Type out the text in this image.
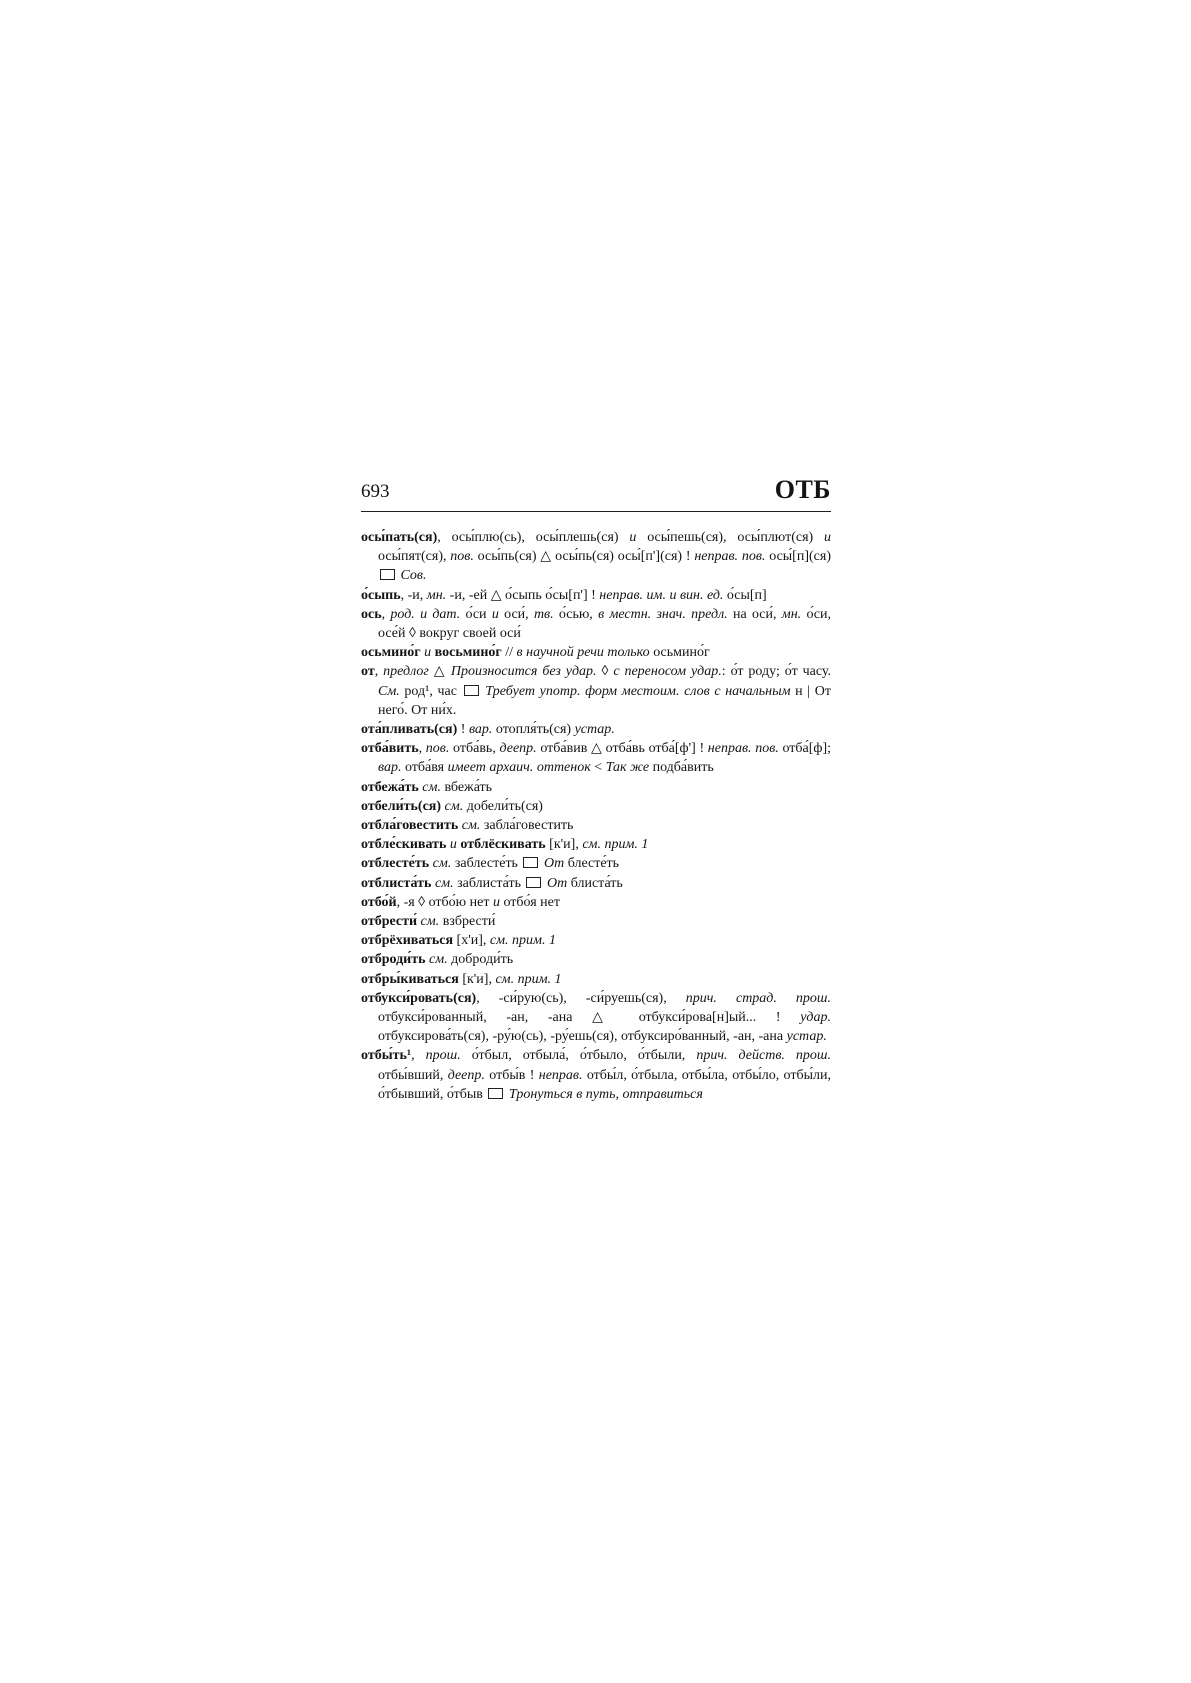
693	ОТБ

осы́пать(ся), осы́плю(сь), осы́плешь(ся) и осы́пешь(ся), осы́плют(ся) и осы́пят(ся), пов. осы́пь(ся) △ осы́пь(ся) осы́[п'](ся) ! неправ. пов. осы́[п](ся)  Сов.

о́сыпь, -и, мн. -и, -ей △ о́сыпь о́сы[п'] ! неправ. им. и вин. ед. о́сы[п]

ось, род. и дат. о́си и оси́, тв. о́сью, в местн. знач. предл. на оси́, мн. о́си, осе́й ◊ вокруг своей оси́

осьмино́г и восьмино́г // в научной речи только осьмино́г

от, предлог △ Произносится без удар. ◊ с переносом удар.: о́т роду; о́т часу. См. род¹, час  Требует употр. форм местоим. слов с начальным н | От него́. От ни́х.

ота́пливать(ся) ! вар. отопля́ть(ся) устар.

отба́вить, пов. отба́вь, деепр. отба́вив △ отба́вь отба́[ф'] ! неправ. пов. отба́[ф]; вар. отба́вя имеет архаич. оттенок < Так же подба́вить

отбежа́ть см. вбежа́ть

отбели́ть(ся) см. добели́ть(ся)

отбла́говестить см. забла́говестить

отбле́скивать и отблёскивать [к'и], см. прим. 1

отблесте́ть см. заблесте́ть  От блесте́ть

отблиста́ть см. заблиста́ть  От блиста́ть

отбо́й, -я ◊ отбо́ю нет и отбо́я нет

отбрести́ см. взбрести́

отбрёхиваться [х'и], см. прим. 1

отброди́ть см. доброди́ть

отбры́киваться [к'и], см. прим. 1

отбукси́ровать(ся), -си́рую(сь), -си́руешь(ся), прич. страд. прош. отбукси́рованный, -ан, -ана △ отбукси́рова[н]ый... ! удар. отбуксирова́ть(ся), -ру́ю(сь), -ру́ешь(ся), отбуксиро́ванный, -ан, -ана устар.

отбы́ть¹, прош. о́тбыл, отбыла́, о́тбыло, о́тбыли, прич. действ. прош. отбы́вший, деепр. отбы́в ! неправ. отбы́л, о́тбыла, отбы́ла, отбы́ло, отбы́ли, о́тбывший, о́тбыв  Тронуться в путь, отправиться
